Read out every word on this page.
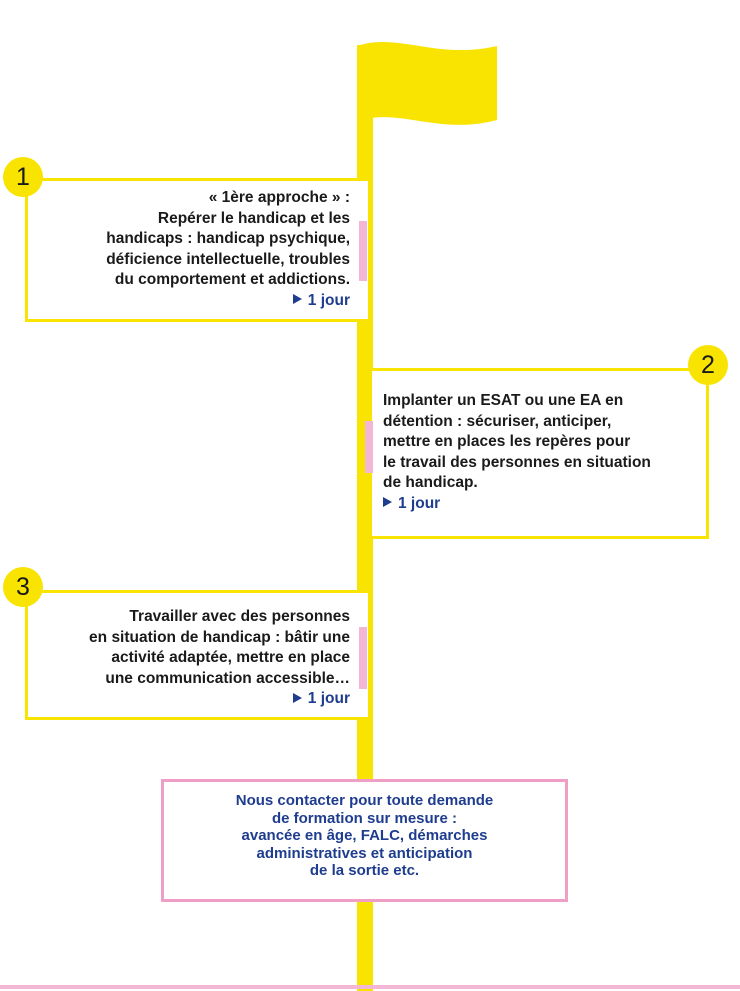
1
« 1ère approche » :
Repérer le handicap et les
handicaps : handicap psychique,
déficience intellectuelle, troubles
du comportement et addictions.
1 jour
2
Implanter un ESAT ou une EA en
détention : sécuriser, anticiper,
mettre en places les repères pour
le travail des personnes en situation
de handicap.
1 jour
3
Travailler avec des personnes
en situation de handicap : bâtir une
activité adaptée, mettre en place
une communication accessible…
1 jour
Nous contacter pour toute demande
de formation sur mesure :
avancée en âge, FALC, démarches
administratives et anticipation
de la sortie etc.
